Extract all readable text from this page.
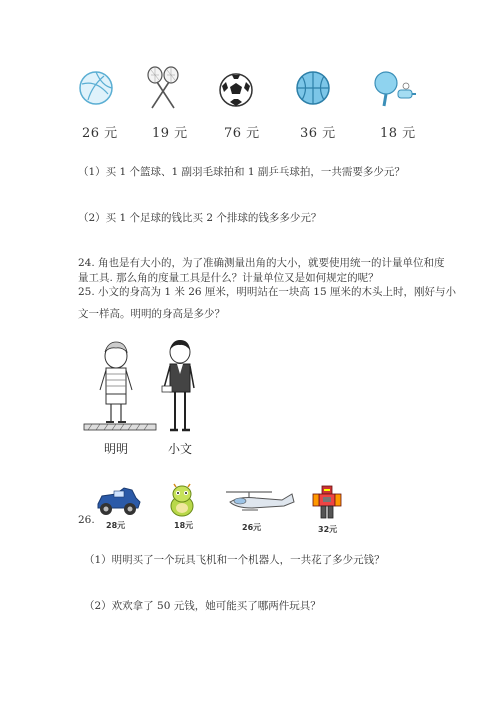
26 元	19 元	76 元	36 元	18 元
（1）买 1 个篮球、1 副羽毛球拍和 1 副乒乓球拍，一共需要多少元？
（2）买 1 个足球的钱比买 2 个排球的钱多多少元？
24. 角也是有大小的，为了准确测量出角的大小，就要使用统一的计量单位和度
量工具. 那么角的度量工具是什么？计量单位又是如何规定的呢？
25. 小文的身高为 1 米 26 厘米，明明站在一块高 15 厘米的木头上时，刚好与小
文一样高。明明的身高是多少？
明明	小文
26. 28元	18元	26元	32元
（1）明明买了一个玩具飞机和一个机器人，一共花了多少元钱？
（2）欢欢拿了 50 元钱，她可能买了哪两件玩具？
